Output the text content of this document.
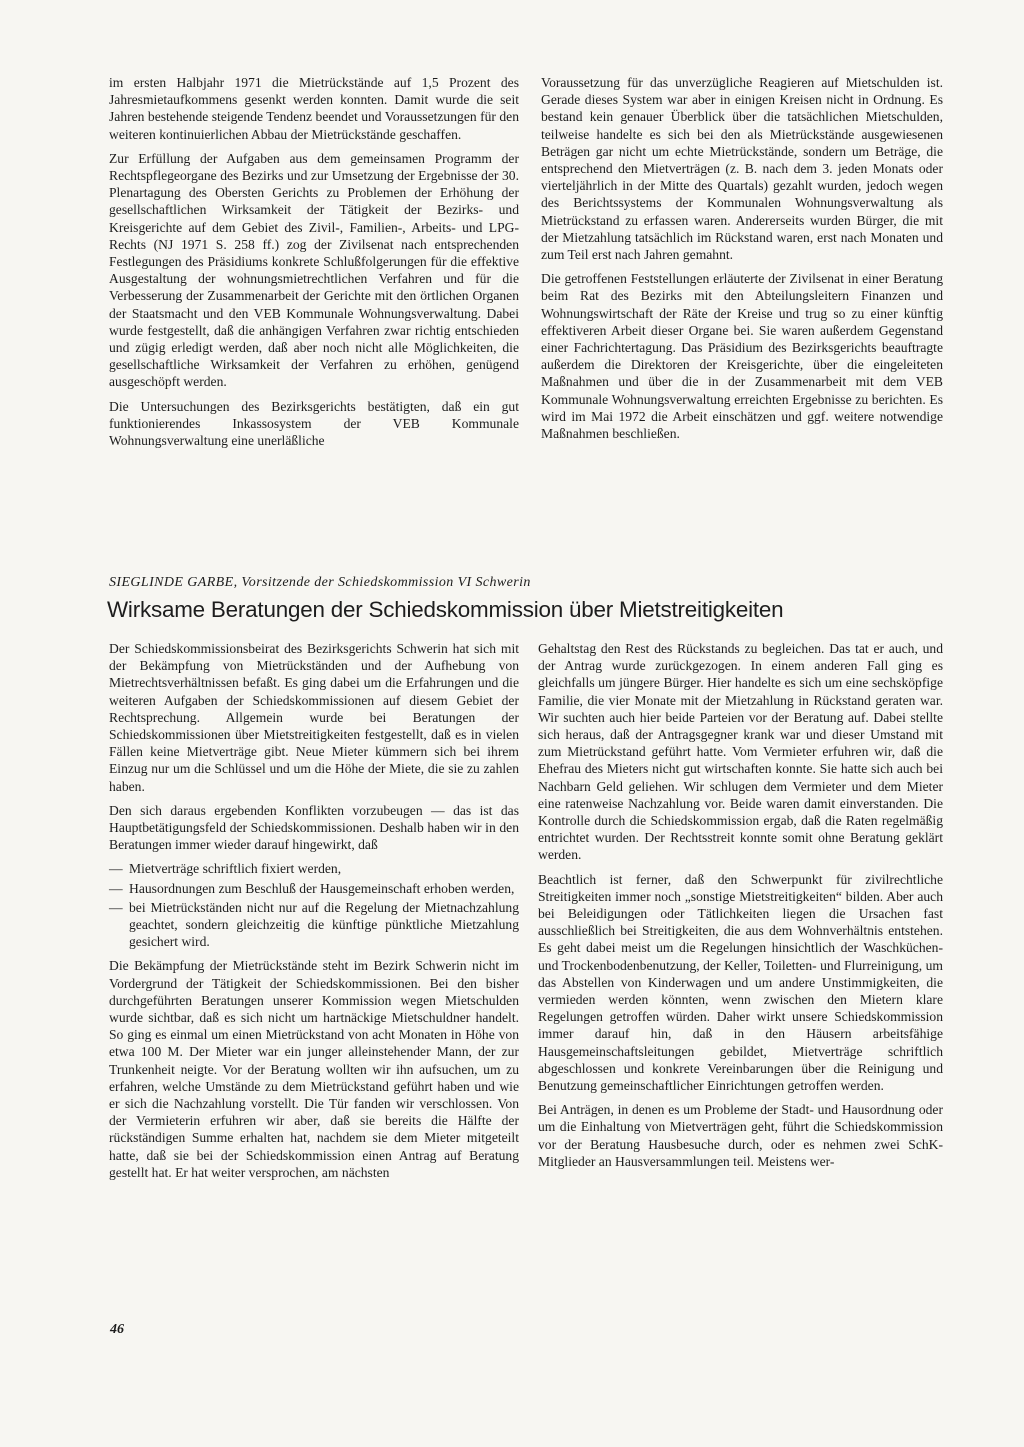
im ersten Halbjahr 1971 die Mietrückstände auf 1,5 Prozent des Jahresmietaufkommens gesenkt werden konnten. Damit wurde die seit Jahren bestehende steigende Tendenz beendet und Voraussetzungen für den weiteren kontinuierlichen Abbau der Mietrückstände geschaffen.

Zur Erfüllung der Aufgaben aus dem gemeinsamen Programm der Rechtspflegeorgane des Bezirks und zur Umsetzung der Ergebnisse der 30. Plenartagung des Obersten Gerichts zu Problemen der Erhöhung der gesellschaftlichen Wirksamkeit der Tätigkeit der Bezirks- und Kreisgerichte auf dem Gebiet des Zivil-, Familien-, Arbeits- und LPG-Rechts (NJ 1971 S. 258 ff.) zog der Zivilsenat nach entsprechenden Festlegungen des Präsidiums konkrete Schlußfolgerungen für die effektive Ausgestaltung der wohnungsmietrechtlichen Verfahren und für die Verbesserung der Zusammenarbeit der Gerichte mit den örtlichen Organen der Staatsmacht und den VEB Kommunale Wohnungsverwaltung. Dabei wurde festgestellt, daß die anhängigen Verfahren zwar richtig entschieden und zügig erledigt werden, daß aber noch nicht alle Möglichkeiten, die gesellschaftliche Wirksamkeit der Verfahren zu erhöhen, genügend ausgeschöpft werden.

Die Untersuchungen des Bezirksgerichts bestätigten, daß ein gut funktionierendes Inkassosystem der VEB Kommunale Wohnungsverwaltung eine unerläßliche

Voraussetzung für das unverzügliche Reagieren auf Mietschulden ist. Gerade dieses System war aber in einigen Kreisen nicht in Ordnung. Es bestand kein genauer Überblick über die tatsächlichen Mietschulden, teilweise handelte es sich bei den als Mietrückstände ausgewiesenen Beträgen gar nicht um echte Mietrückstände, sondern um Beträge, die entsprechend den Mietverträgen (z. B. nach dem 3. jeden Monats oder vierteljährlich in der Mitte des Quartals) gezahlt wurden, jedoch wegen des Berichtssystems der Kommunalen Wohnungsverwaltung als Mietrückstand zu erfassen waren. Andererseits wurden Bürger, die mit der Mietzahlung tatsächlich im Rückstand waren, erst nach Monaten und zum Teil erst nach Jahren gemahnt.

Die getroffenen Feststellungen erläuterte der Zivilsenat in einer Beratung beim Rat des Bezirks mit den Abteilungsleitern Finanzen und Wohnungswirtschaft der Räte der Kreise und trug so zu einer künftig effektiveren Arbeit dieser Organe bei. Sie waren außerdem Gegenstand einer Fachrichtertagung. Das Präsidium des Bezirksgerichts beauftragte außerdem die Direktoren der Kreisgerichte, über die eingeleiteten Maßnahmen und über die in der Zusammenarbeit mit dem VEB Kommunale Wohnungsverwaltung erreichten Ergebnisse zu berichten. Es wird im Mai 1972 die Arbeit einschätzen und ggf. weitere notwendige Maßnahmen beschließen.

SIEGLINDE GARBE, Vorsitzende der Schiedskommission VI Schwerin
Wirksame Beratungen der Schiedskommission über Mietstreitigkeiten

Der Schiedskommissionsbeirat des Bezirksgerichts Schwerin hat sich mit der Bekämpfung von Mietrückständen und der Aufhebung von Mietrechtsverhältnissen befaßt. Es ging dabei um die Erfahrungen und die weiteren Aufgaben der Schiedskommissionen auf diesem Gebiet der Rechtsprechung. Allgemein wurde bei Beratungen der Schiedskommissionen über Mietstreitigkeiten festgestellt, daß es in vielen Fällen keine Mietverträge gibt. Neue Mieter kümmern sich bei ihrem Einzug nur um die Schlüssel und um die Höhe der Miete, die sie zu zahlen haben.

Den sich daraus ergebenden Konflikten vorzubeugen — das ist das Hauptbetätigungsfeld der Schiedskommissionen. Deshalb haben wir in den Beratungen immer wieder darauf hingewirkt, daß

— Mietverträge schriftlich fixiert werden,
— Hausordnungen zum Beschluß der Hausgemeinschaft erhoben werden,
— bei Mietrückständen nicht nur auf die Regelung der Mietnachzahlung geachtet, sondern gleichzeitig die künftige pünktliche Mietzahlung gesichert wird.

Die Bekämpfung der Mietrückstände steht im Bezirk Schwerin nicht im Vordergrund der Tätigkeit der Schiedskommissionen. Bei den bisher durchgeführten Beratungen unserer Kommission wegen Mietschulden wurde sichtbar, daß es sich nicht um hartnäckige Mietschuldner handelt. So ging es einmal um einen Mietrückstand von acht Monaten in Höhe von etwa 100 M. Der Mieter war ein junger alleinstehender Mann, der zur Trunkenheit neigte. Vor der Beratung wollten wir ihn aufsuchen, um zu erfahren, welche Umstände zu dem Mietrückstand geführt haben und wie er sich die Nachzahlung vorstellt. Die Tür fanden wir verschlossen. Von der Vermieterin erfuhren wir aber, daß sie bereits die Hälfte der rückständigen Summe erhalten hat, nachdem sie dem Mieter mitgeteilt hatte, daß sie bei der Schiedskommission einen Antrag auf Beratung gestellt hat. Er hat weiter versprochen, am nächsten

Gehaltstag den Rest des Rückstands zu begleichen. Das tat er auch, und der Antrag wurde zurückgezogen. In einem anderen Fall ging es gleichfalls um jüngere Bürger. Hier handelte es sich um eine sechsköpfige Familie, die vier Monate mit der Mietzahlung in Rückstand geraten war. Wir suchten auch hier beide Parteien vor der Beratung auf. Dabei stellte sich heraus, daß der Antragsgegner krank war und dieser Umstand mit zum Mietrückstand geführt hatte. Vom Vermieter erfuhren wir, daß die Ehefrau des Mieters nicht gut wirtschaften konnte. Sie hatte sich auch bei Nachbarn Geld geliehen. Wir schlugen dem Vermieter und dem Mieter eine ratenweise Nachzahlung vor. Beide waren damit einverstanden. Die Kontrolle durch die Schiedskommission ergab, daß die Raten regelmäßig entrichtet wurden. Der Rechtsstreit konnte somit ohne Beratung geklärt werden.

Beachtlich ist ferner, daß den Schwerpunkt für zivilrechtliche Streitigkeiten immer noch „sonstige Mietstreitigkeiten“ bilden. Aber auch bei Beleidigungen oder Tätlichkeiten liegen die Ursachen fast ausschließlich bei Streitigkeiten, die aus dem Wohnverhältnis entstehen. Es geht dabei meist um die Regelungen hinsichtlich der Waschküchen- und Trockenbodenbenutzung, der Keller, Toiletten- und Flurreinigung, um das Abstellen von Kinderwagen und um andere Unstimmigkeiten, die vermieden werden könnten, wenn zwischen den Mietern klare Regelungen getroffen würden. Daher wirkt unsere Schiedskommission immer darauf hin, daß in den Häusern arbeitsfähige Hausgemeinschaftsleitungen gebildet, Mietverträge schriftlich abgeschlossen und konkrete Vereinbarungen über die Reinigung und Benutzung gemeinschaftlicher Einrichtungen getroffen werden.

Bei Anträgen, in denen es um Probleme der Stadt- und Hausordnung oder um die Einhaltung von Mietverträgen geht, führt die Schiedskommission vor der Beratung Hausbesuche durch, oder es nehmen zwei SchK-Mitglieder an Hausversammlungen teil. Meistens wer-

46
